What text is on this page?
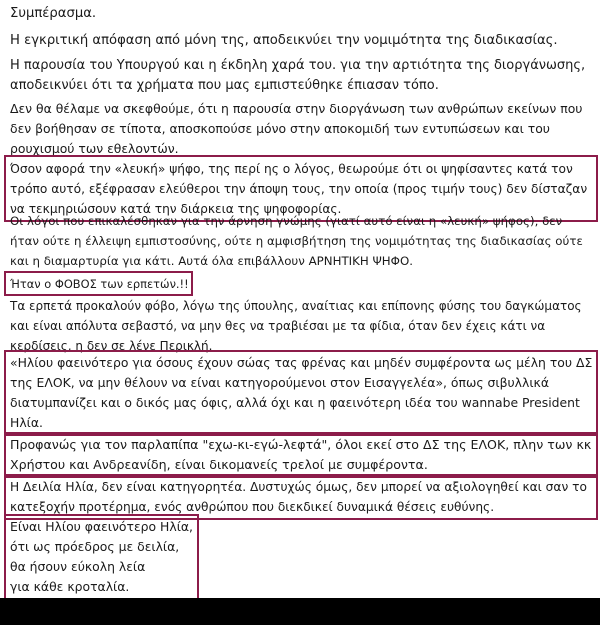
Συμπέρασμα.

Η εγκριτική απόφαση από μόνη της, αποδεικνύει την νομιμότητα της διαδικασίας.

Η παρουσία του Υπουργού και η έκδηλη χαρά του. για την αρτιότητα της διοργάνωσης,
αποδεικνύει ότι τα χρήματα που μας εμπιστεύθηκε έπιασαν τόπο.

Δεν θα θέλαμε να σκεφθούμε, ότι η παρουσία στην διοργάνωση των ανθρώπων εκείνων που
δεν βοήθησαν σε τίποτα, αποσκοπούσε μόνο στην αποκομιδή των εντυπώσεων και του
ρουχισμού των εθελοντών.

Όσον αφορά την «λευκή» ψήφο, της περί ης ο λόγος, θεωρούμε ότι οι ψηφίσαντες κατά τον
τρόπο αυτό, εξέφρασαν ελεύθεροι την άποψη τους, την οποία (προς τιμήν τους) δεν δίσταζαν
να τεκμηριώσουν κατά την διάρκεια της ψηφοφορίας.

Οι λόγοι που επικαλέσθηκαν για την άρνηση γνώμης (γιατί αυτό είναι η «λευκή» ψήφος), δεν
ήταν ούτε η έλλειψη εμπιστοσύνης, ούτε η αμφισβήτηση της νομιμότητας της διαδικασίας ούτε
και η διαμαρτυρία για κάτι. Αυτά όλα επιβάλλουν ΑΡΝΗΤΙΚΗ ΨΗΦΟ.

Ήταν ο ΦΟΒΟΣ των ερπετών.!!

Τα ερπετά προκαλούν φόβο, λόγω της ύπουλης, αναίτιας και επίπονης φύσης του δαγκώματος
και είναι απόλυτα σεβαστό, να μην θες να τραβιέσαι με τα φίδια, όταν δεν έχεις κάτι να
κερδίσεις, η δεν σε λένε Περικλή.

«Ηλίου φαεινότερο για όσους έχουν σώας τας φρένας και μηδέν συμφέροντα ως μέλη του ΔΣ
της ΕΛΟΚ, να μην θέλουν να είναι κατηγορούμενοι στον Εισαγγελέα», όπως σιβυλλικά
διατυμπανίζει και ο δικός μας όφις, αλλά όχι και η φαεινότερη ιδέα του wannabe President
Ηλία.
Προφανώς για τον παρλαπίπα "εχω-κι-εγώ-λεφτά", όλοι εκεί στο ΔΣ της ΕΛΟΚ, πλην των κκ
Χρήστου και Ανδρεανίδη, είναι δικομανείς τρελοί με συμφέροντα.
Η Δειλία Ηλία, δεν είναι κατηγορητέα. Δυστυχώς όμως, δεν μπορεί να αξιολογηθεί και σαν το
κατεξοχήν προτέρημα, ενός ανθρώπου που διεκδικεί δυναμικά θέσεις ευθύνης.
Είναι Ηλίου φαεινότερο Ηλία,
ότι ως πρόεδρος με δειλία,
θα ήσουν εύκολη λεία
για κάθε κροταλία.
